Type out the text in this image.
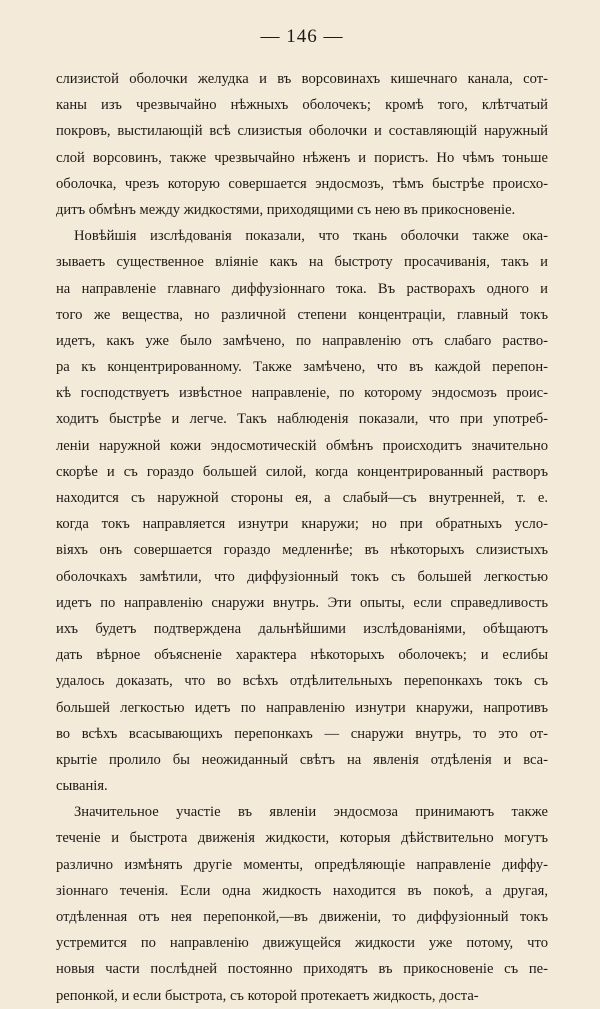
— 146 —
слизистой оболочки желудка и въ ворсовинахъ кишечнаго канала, сот-
каны изъ чрезвычайно нѣжныхъ оболочекъ; кромѣ того, клѣтчатый
покровъ, выстилающій всѣ слизистыя оболочки и составляющій наружный
слой ворсовинъ, также чрезвычайно нѣженъ и пористъ. Но чѣмъ тоньше
оболочка, чрезъ которую совершается эндосмозъ, тѣмъ быстрѣе происхо-
дитъ обмѣнъ между жидкостями, приходящими съ нею въ прикосновеніе.
Новѣйшія изслѣдованія показали, что ткань оболочки также ока-
зываетъ существенное вліяніе какъ на быстроту просачиванія, такъ и
на направленіе главнаго диффузіоннаго тока. Въ растворахъ одного и
того же вещества, но различной степени концентраціи, главный токъ
идетъ, какъ уже было замѣчено, по направленію отъ слабаго раство-
ра къ концентрированному. Также замѣчено, что въ каждой перепон-
кѣ господствуетъ извѣстное направленіе, по которому эндосмозъ проис-
ходитъ быстрѣе и легче. Такъ наблюденія показали, что при употреб-
леніи наружной кожи эндосмотическій обмѣнъ происходитъ значительно
скорѣе и съ гораздо большей силой, когда концентрированный растворъ
находится съ наружной стороны ея, а слабый—съ внутренней, т. е.
когда токъ направляется изнутри кнаружи; но при обратныхъ усло-
віяхъ онъ совершается гораздо медленнѣе; въ нѣкоторыхъ слизистыхъ
оболочкахъ замѣтили, что диффузіонный токъ съ большей легкостью
идетъ по направленію снаружи внутрь. Эти опыты, если справедливость
ихъ будетъ подтверждена дальнѣйшими изслѣдованіями, обѣщаютъ
дать вѣрное объясненіе характера нѣкоторыхъ оболочекъ; и еслибы
удалось доказать, что во всѣхъ отдѣлительныхъ перепонкахъ токъ съ
большей легкостью идетъ по направленію изнутри кнаружи, напротивъ
во всѣхъ всасывающихъ перепонкахъ — снаружи внутрь, то это от-
крытіе пролило бы неожиданный свѣтъ на явленія отдѣленія и вса-
сыванія.
Значительное участіе въ явленіи эндосмоза принимаютъ также
теченіе и быстрота движенія жидкости, которыя дѣйствительно могутъ
различно измѣнять другіе моменты, опредѣляющіе направленіе диффу-
зіоннаго теченія. Если одна жидкость находится въ покоѣ, а другая,
отдѣленная отъ нея перепонкой,—въ движеніи, то диффузіонный токъ
устремится по направленію движущейся жидкости уже потому, что
новыя части послѣдней постоянно приходятъ въ прикосновеніе съ пе-
репонкой, и если быстрота, съ которой протекаетъ жидкость, доста-
